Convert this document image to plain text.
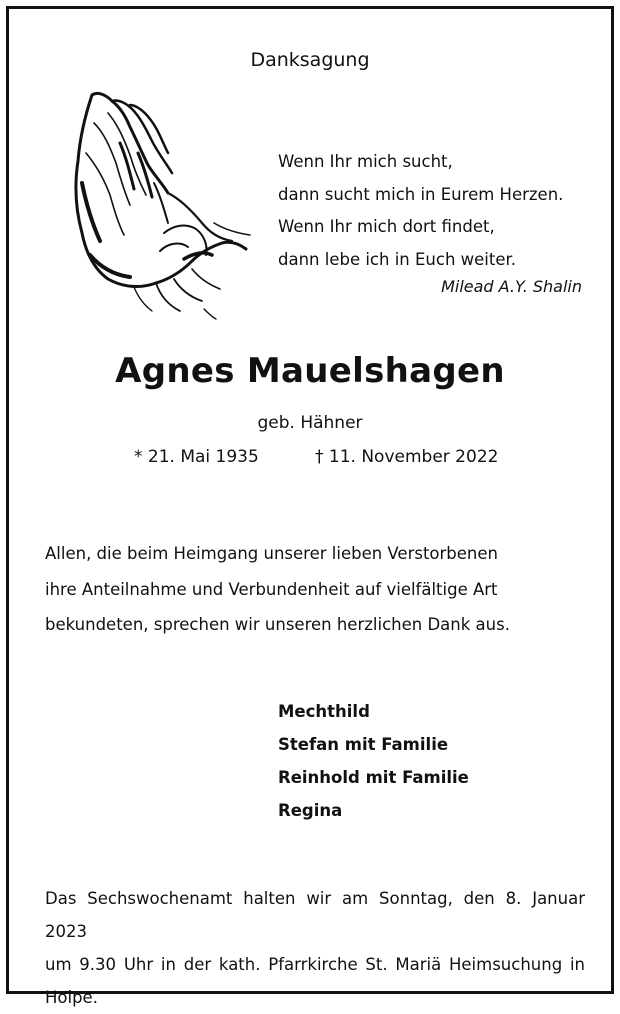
Danksagung
Wenn Ihr mich sucht,
dann sucht mich in Eurem Herzen.
Wenn Ihr mich dort findet,
dann lebe ich in Euch weiter.
Milead A.Y. Shalin
Agnes Mauelshagen
geb. Hähner
* 21. Mai 1935	† 11. November 2022
Allen, die beim Heimgang unserer lieben Verstorbenen
ihre Anteilnahme und Verbundenheit auf vielfältige Art
bekundeten, sprechen wir unseren herzlichen Dank aus.
Mechthild
Stefan mit Familie
Reinhold mit Familie
Regina
Das Sechswochenamt halten wir am Sonntag, den 8. Januar 2023
um 9.30 Uhr in der kath. Pfarrkirche St. Mariä Heimsuchung in
Holpe.
